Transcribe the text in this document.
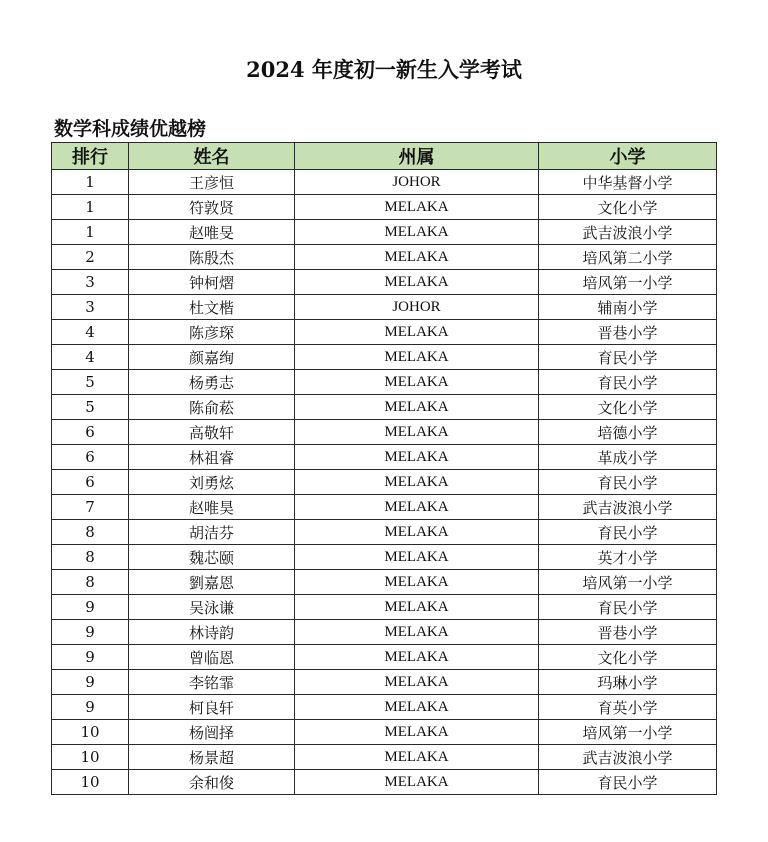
2024 年度初一新生入学考试
数学科成绩优越榜
排行	姓名	州属	小学
1	王彦恒	JOHOR	中华基督小学
1	符敦贤	MELAKA	文化小学
1	赵唯旻	MELAKA	武吉波浪小学
2	陈殷杰	MELAKA	培风第二小学
3	钟柯熠	MELAKA	培风第一小学
3	杜文楷	JOHOR	辅南小学
4	陈彦琛	MELAKA	晋巷小学
4	颜嘉绚	MELAKA	育民小学
5	杨勇志	MELAKA	育民小学
5	陈俞菘	MELAKA	文化小学
6	高敬轩	MELAKA	培德小学
6	林祖睿	MELAKA	革成小学
6	刘勇炫	MELAKA	育民小学
7	赵唯昊	MELAKA	武吉波浪小学
8	胡洁芬	MELAKA	育民小学
8	魏芯颐	MELAKA	英才小学
8	劉嘉恩	MELAKA	培风第一小学
9	吴泳谦	MELAKA	育民小学
9	林诗韵	MELAKA	晋巷小学
9	曾临恩	MELAKA	文化小学
9	李铭霏	MELAKA	玛琳小学
9	柯良轩	MELAKA	育英小学
10	杨闿择	MELAKA	培风第一小学
10	杨景超	MELAKA	武吉波浪小学
10	余和俊	MELAKA	育民小学
